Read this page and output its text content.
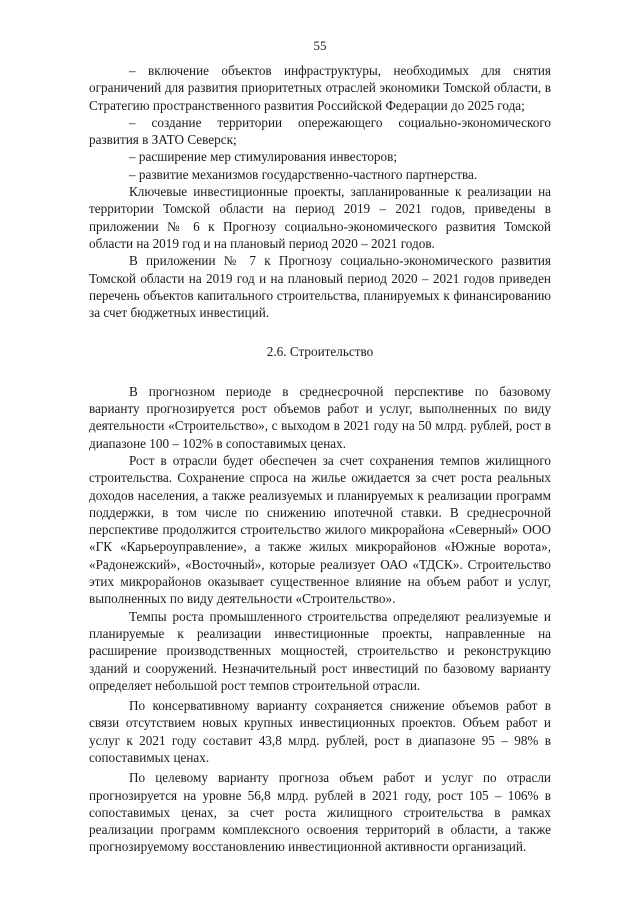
55

– включение объектов инфраструктуры, необходимых для снятия ограничений для развития приоритетных отраслей экономики Томской области, в Стратегию пространственного развития Российской Федерации до 2025 года;

– создание территории опережающего социально-экономического развития в ЗАТО Северск;

– расширение мер стимулирования инвесторов;

– развитие механизмов государственно-частного партнерства.

Ключевые инвестиционные проекты, запланированные к реализации на территории Томской области на период 2019 – 2021 годов, приведены в приложении № 6 к Прогнозу социально-экономического развития Томской области на 2019 год и на плановый период 2020 – 2021 годов.

В приложении № 7 к Прогнозу социально-экономического развития Томской области на 2019 год и на плановый период 2020 – 2021 годов приведен перечень объектов капитального строительства, планируемых к финансированию за счет бюджетных инвестиций.

2.6. Строительство

В прогнозном периоде в среднесрочной перспективе по базовому варианту прогнозируется рост объемов работ и услуг, выполненных по виду деятельности «Строительство», с выходом в 2021 году на 50 млрд. рублей, рост в диапазоне 100 – 102% в сопоставимых ценах.

Рост в отрасли будет обеспечен за счет сохранения темпов жилищного строительства. Сохранение спроса на жилье ожидается за счет роста реальных доходов населения, а также реализуемых и планируемых к реализации программ поддержки, в том числе по снижению ипотечной ставки. В среднесрочной перспективе продолжится строительство жилого микрорайона «Северный» ООО «ГК «Карьероуправление», а также жилых микрорайонов «Южные ворота», «Радонежский», «Восточный», которые реализует ОАО «ТДСК». Строительство этих микрорайонов оказывает существенное влияние на объем работ и услуг, выполненных по виду деятельности «Строительство».

Темпы роста промышленного строительства определяют реализуемые и планируемые к реализации инвестиционные проекты, направленные на расширение производственных мощностей, строительство и реконструкцию зданий и сооружений. Незначительный рост инвестиций по базовому варианту определяет небольшой рост темпов строительной отрасли.

По консервативному варианту сохраняется снижение объемов работ в связи отсутствием новых крупных инвестиционных проектов. Объем работ и услуг к 2021 году составит 43,8 млрд. рублей, рост в диапазоне 95 – 98% в сопоставимых ценах.

По целевому варианту прогноза объем работ и услуг по отрасли прогнозируется на уровне 56,8 млрд. рублей в 2021 году, рост 105 – 106% в сопоставимых ценах, за счет роста жилищного строительства в рамках реализации программ комплексного освоения территорий в области, а также прогнозируемому восстановлению инвестиционной активности организаций.
